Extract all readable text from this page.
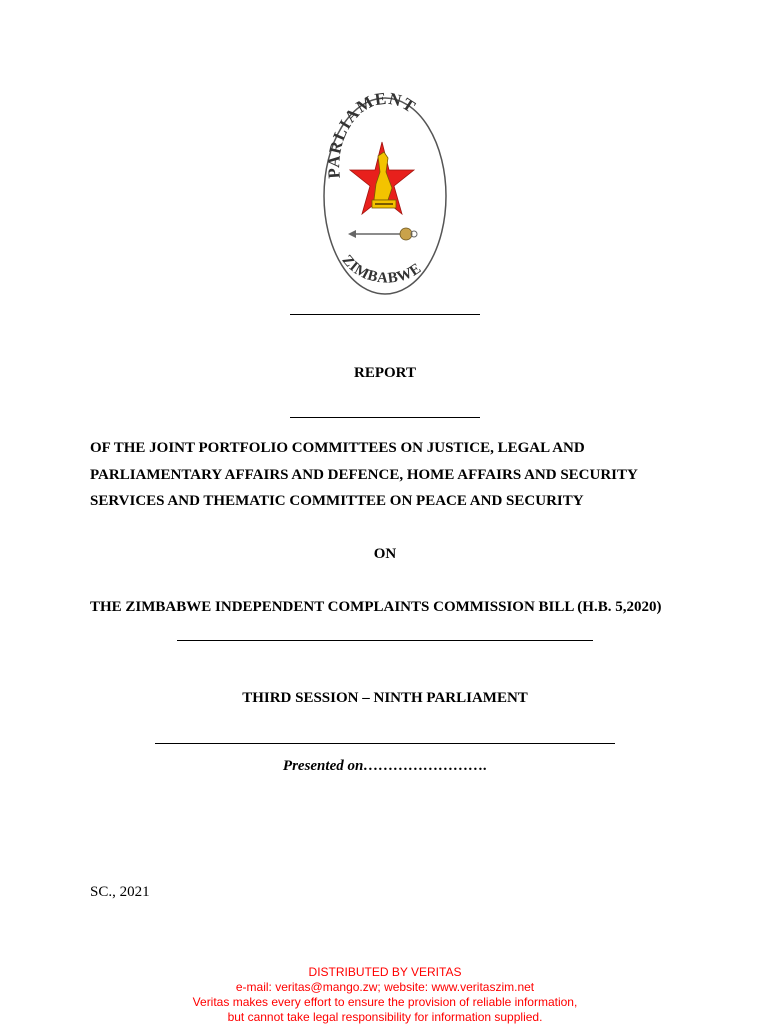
PARLIAMENT
ZIMBABWE
REPORT
OF THE JOINT PORTFOLIO COMMITTEES ON JUSTICE, LEGAL AND
PARLIAMENTARY AFFAIRS AND DEFENCE, HOME AFFAIRS AND SECURITY
SERVICES AND THEMATIC COMMITTEE ON PEACE AND SECURITY
ON
THE ZIMBABWE INDEPENDENT COMPLAINTS COMMISSION BILL (H.B. 5,2020)
THIRD SESSION – NINTH PARLIAMENT
Presented on…………………….
SC., 2021
DISTRIBUTED BY VERITAS
e-mail: veritas@mango.zw; website: www.veritaszim.net
Veritas makes every effort to ensure the provision of reliable information,
but cannot take legal responsibility for information supplied.
